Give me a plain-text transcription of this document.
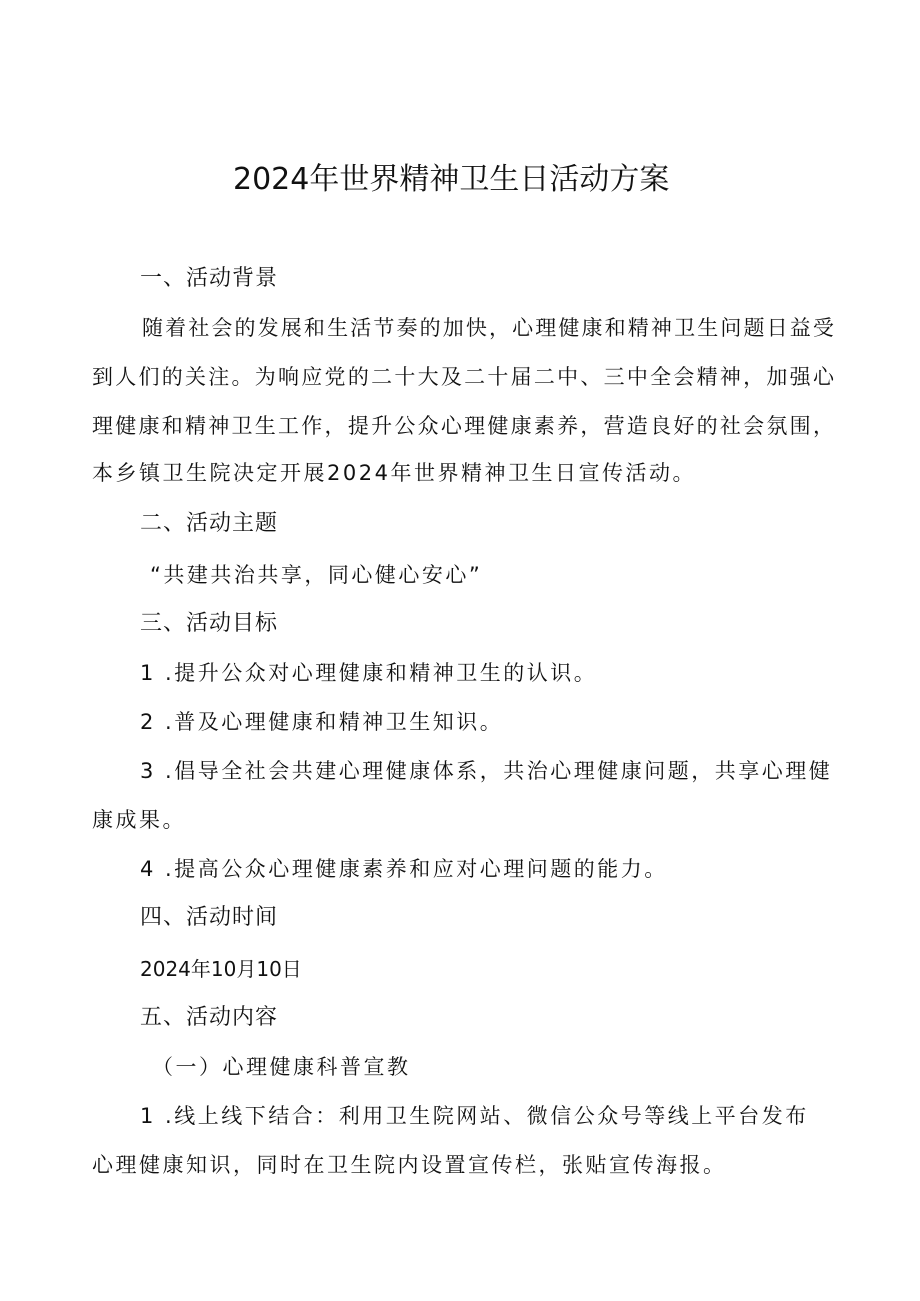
2024年世界精神卫生日活动方案
一、活动背景
随着社会的发展和生活节奏的加快，心理健康和精神卫生问题日益受
到人们的关注。为响应党的二十大及二十届二中、三中全会精神，加强心
理健康和精神卫生工作，提升公众心理健康素养，营造良好的社会氛围，
本乡镇卫生院决定开展2024年世界精神卫生日宣传活动。
二、活动主题
“共建共治共享，同心健心安心”
三、活动目标
1 .提升公众对心理健康和精神卫生的认识。
2 .普及心理健康和精神卫生知识。
3 .倡导全社会共建心理健康体系，共治心理健康问题，共享心理健
康成果。
4 .提高公众心理健康素养和应对心理问题的能力。
四、活动时间
2024年10月10日
五、活动内容
（一）心理健康科普宣教
1 .线上线下结合：利用卫生院网站、微信公众号等线上平台发布
心理健康知识，同时在卫生院内设置宣传栏，张贴宣传海报。
